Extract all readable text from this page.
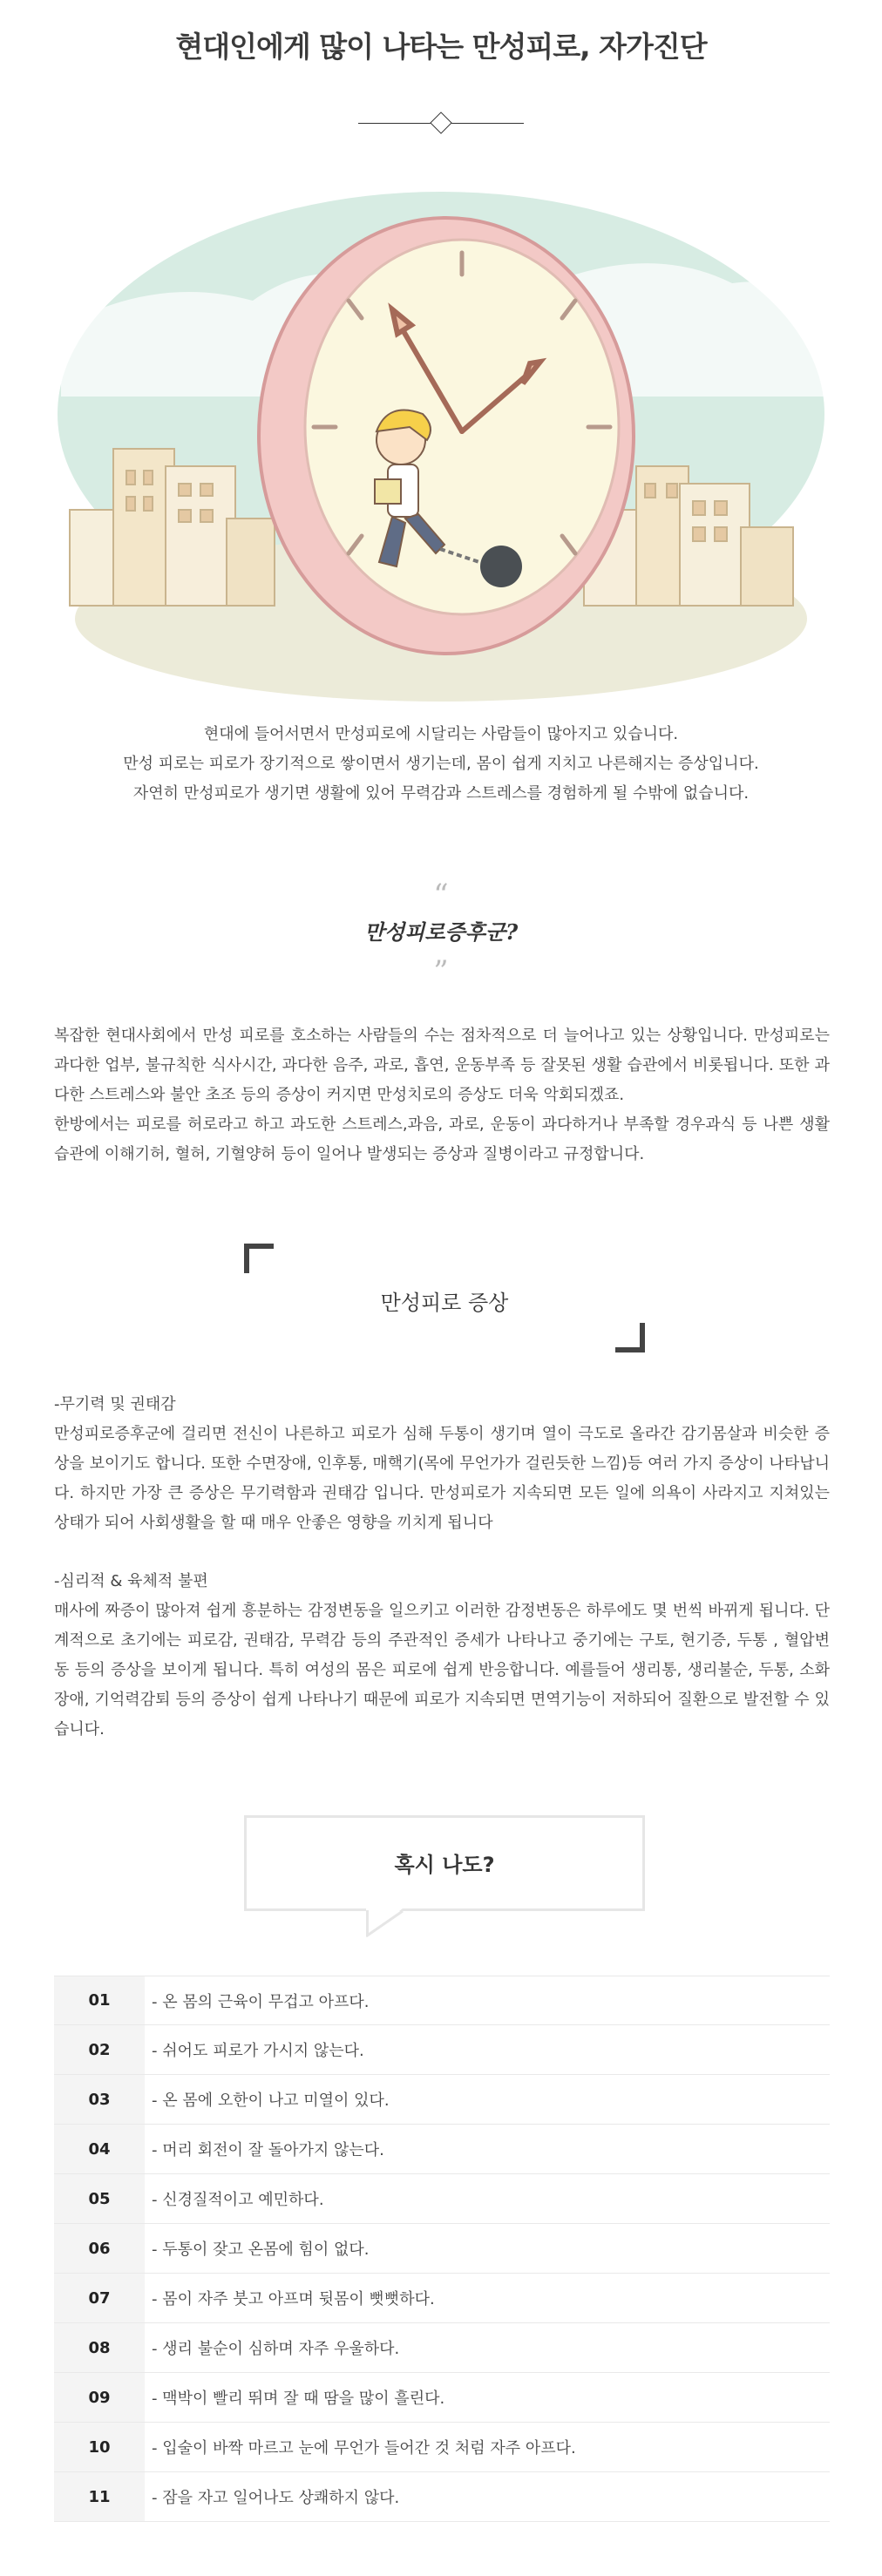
현대인에게 많이 나타는 만성피로, 자가진단
현대에 들어서면서 만성피로에 시달리는 사람들이 많아지고 있습니다.
만성 피로는 피로가 장기적으로 쌓이면서 생기는데, 몸이 쉽게 지치고 나른해지는 증상입니다.
자연히 만성피로가 생기면 생활에 있어 무력감과 스트레스를 경험하게 될 수밖에 없습니다.
“
만성피로증후군?
”

복잡한 현대사회에서 만성 피로를 호소하는 사람들의 수는 점차적으로 더 늘어나고 있는 상황입니다. 만성피로는 과다한 업부, 불규칙한 식사시간, 과다한 음주, 과로, 흡연, 운동부족 등 잘못된 생활 습관에서 비롯됩니다. 또한 과다한 스트레스와 불안 초조 등의 증상이 커지면 만성치로의 증상도 더욱 악회되겠죠.

한방에서는 피로를 허로라고 하고 과도한 스트레스,과음, 과로, 운동이 과다하거나 부족할 경우과식 등 나쁜 생활습관에 이해기허, 혈허, 기혈양허 등이 일어나 발생되는 증상과 질병이라고 규정합니다.

만성피로 증상

-무기력 및 권태감

만성피로증후군에 걸리면 전신이 나른하고 피로가 심해 두통이 생기며 열이 극도로 올라간 감기몸살과 비슷한 증상을 보이기도 합니다. 또한 수면장애, 인후통, 매핵기(목에 무언가가 걸린듯한 느낌)등 여러 가지 증상이 나타납니다. 하지만 가장 큰 증상은 무기력함과 권태감 입니다. 만성피로가 지속되면 모든 일에 의욕이 사라지고 지쳐있는 상태가 되어 사회생활을 할 때 매우 안좋은 영향을 끼치게 됩니다

-심리적 & 육체적 불편

매사에 짜증이 많아져 쉽게 흥분하는 감정변동을 일으키고 이러한 감정변동은 하루에도 몇 번씩 바뀌게 됩니다. 단계적으로 초기에는 피로감, 권태감, 무력감 등의 주관적인 증세가 나타나고 중기에는 구토, 현기증, 두통 , 혈압변동 등의 증상을 보이게 됩니다. 특히 여성의 몸은 피로에 쉽게 반응합니다. 예를들어 생리통, 생리불순, 두통, 소화장애, 기억력감퇴 등의 증상이 쉽게 나타나기 때문에 피로가 지속되면 면역기능이 저하되어 질환으로 발전할 수 있습니다.

혹시 나도?
01	- 온 몸의 근육이 무겁고 아프다.
02	- 쉬어도 피로가 가시지 않는다.
03	- 온 몸에 오한이 나고 미열이 있다.
04	- 머리 회전이 잘 돌아가지 않는다.
05	- 신경질적이고 예민하다.
06	- 두통이 잦고 온몸에 힘이 없다.
07	- 몸이 자주 붓고 아프며 뒷몸이 뻣뻣하다.
08	- 생리 불순이 심하며 자주 우울하다.
09	- 맥박이 빨리 뛰며 잘 때 땀을 많이 흘린다.
10	- 입술이 바짝 마르고 눈에 무언가 들어간 것 처럼 자주 아프다.
11	- 잠을 자고 일어나도 상쾌하지 않다.
